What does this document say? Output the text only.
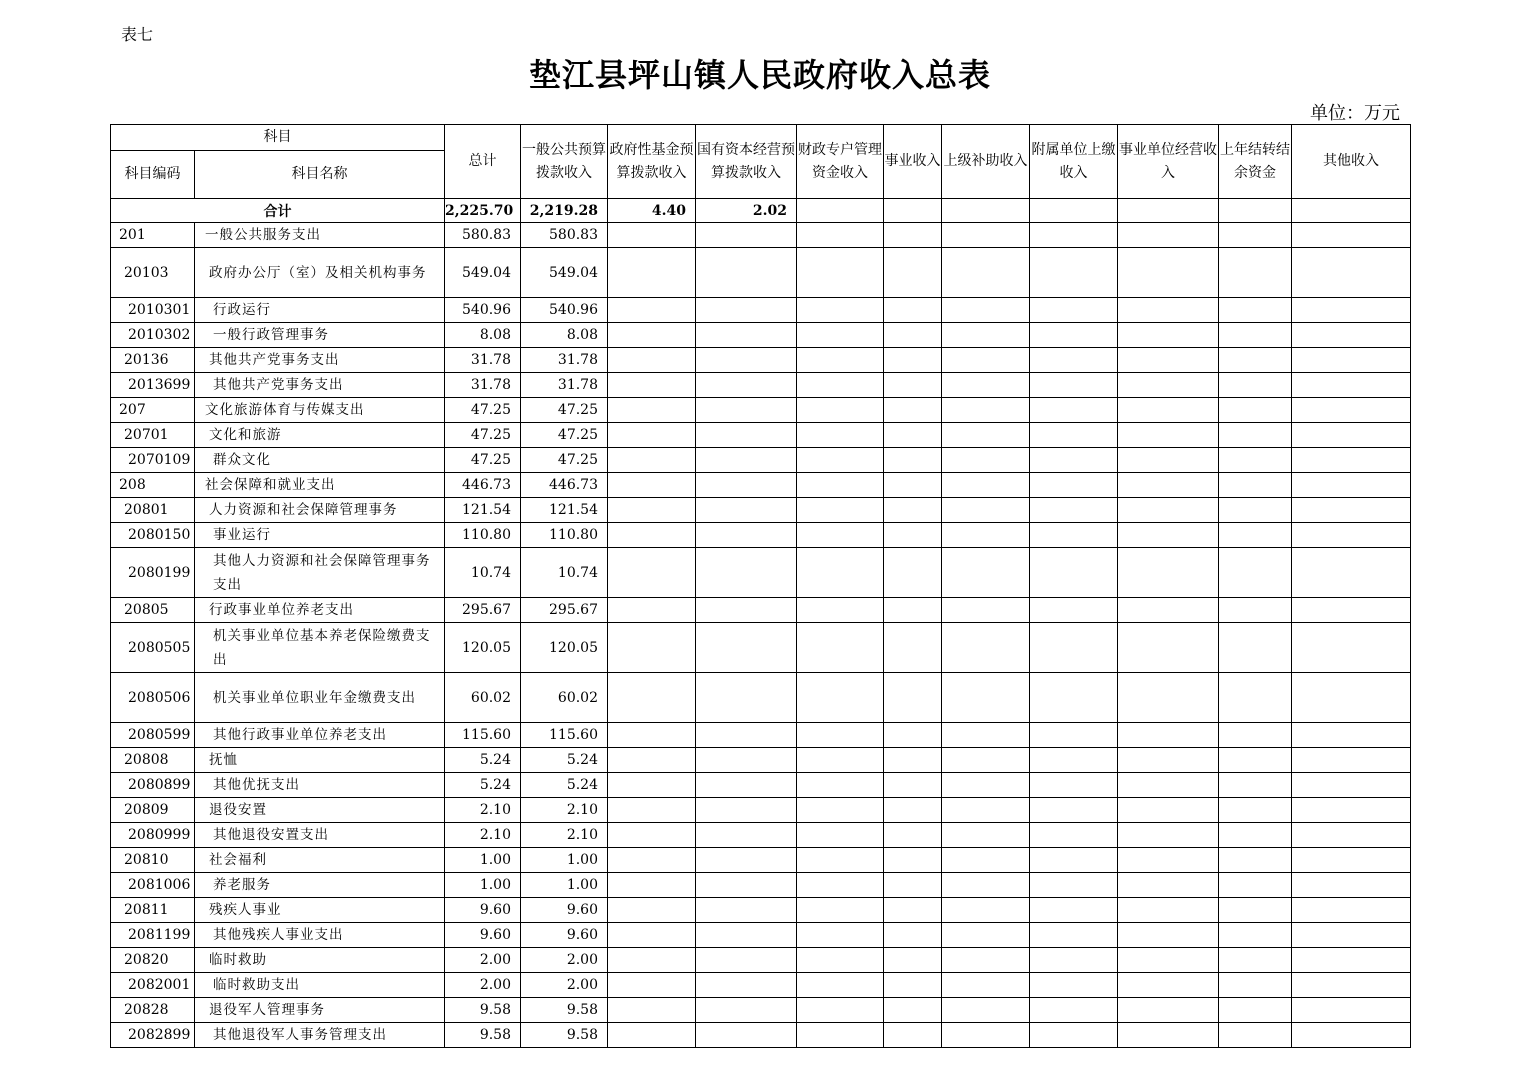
表七
垫江县坪山镇人民政府收入总表
单位：万元
科目		总计	一般公共预算拨款收入	政府性基金预算拨款收入	国有资本经营预算拨款收入	财政专户管理资金收入	事业收入	上级补助收入	附属单位上缴收入	事业单位经营收入	上年结转结余资金	其他收入
科目编码	科目名称											
合计		2,225.70	2,219.28	4.40	2.02							
201	一般公共服务支出	580.83	580.83									
20103	政府办公厅（室）及相关机构事务	549.04	549.04									
2010301	行政运行	540.96	540.96									
2010302	一般行政管理事务	8.08	8.08									
20136	其他共产党事务支出	31.78	31.78									
2013699	其他共产党事务支出	31.78	31.78									
207	文化旅游体育与传媒支出	47.25	47.25									
20701	文化和旅游	47.25	47.25									
2070109	群众文化	47.25	47.25									
208	社会保障和就业支出	446.73	446.73									
20801	人力资源和社会保障管理事务	121.54	121.54									
2080150	事业运行	110.80	110.80									
2080199	其他人力资源和社会保障管理事务支出	10.74	10.74									
20805	行政事业单位养老支出	295.67	295.67									
2080505	机关事业单位基本养老保险缴费支出	120.05	120.05									
2080506	机关事业单位职业年金缴费支出	60.02	60.02									
2080599	其他行政事业单位养老支出	115.60	115.60									
20808	抚恤	5.24	5.24									
2080899	其他优抚支出	5.24	5.24									
20809	退役安置	2.10	2.10									
2080999	其他退役安置支出	2.10	2.10									
20810	社会福利	1.00	1.00									
2081006	养老服务	1.00	1.00									
20811	残疾人事业	9.60	9.60									
2081199	其他残疾人事业支出	9.60	9.60									
20820	临时救助	2.00	2.00									
2082001	临时救助支出	2.00	2.00									
20828	退役军人管理事务	9.58	9.58									
2082899	其他退役军人事务管理支出	9.58	9.58									
